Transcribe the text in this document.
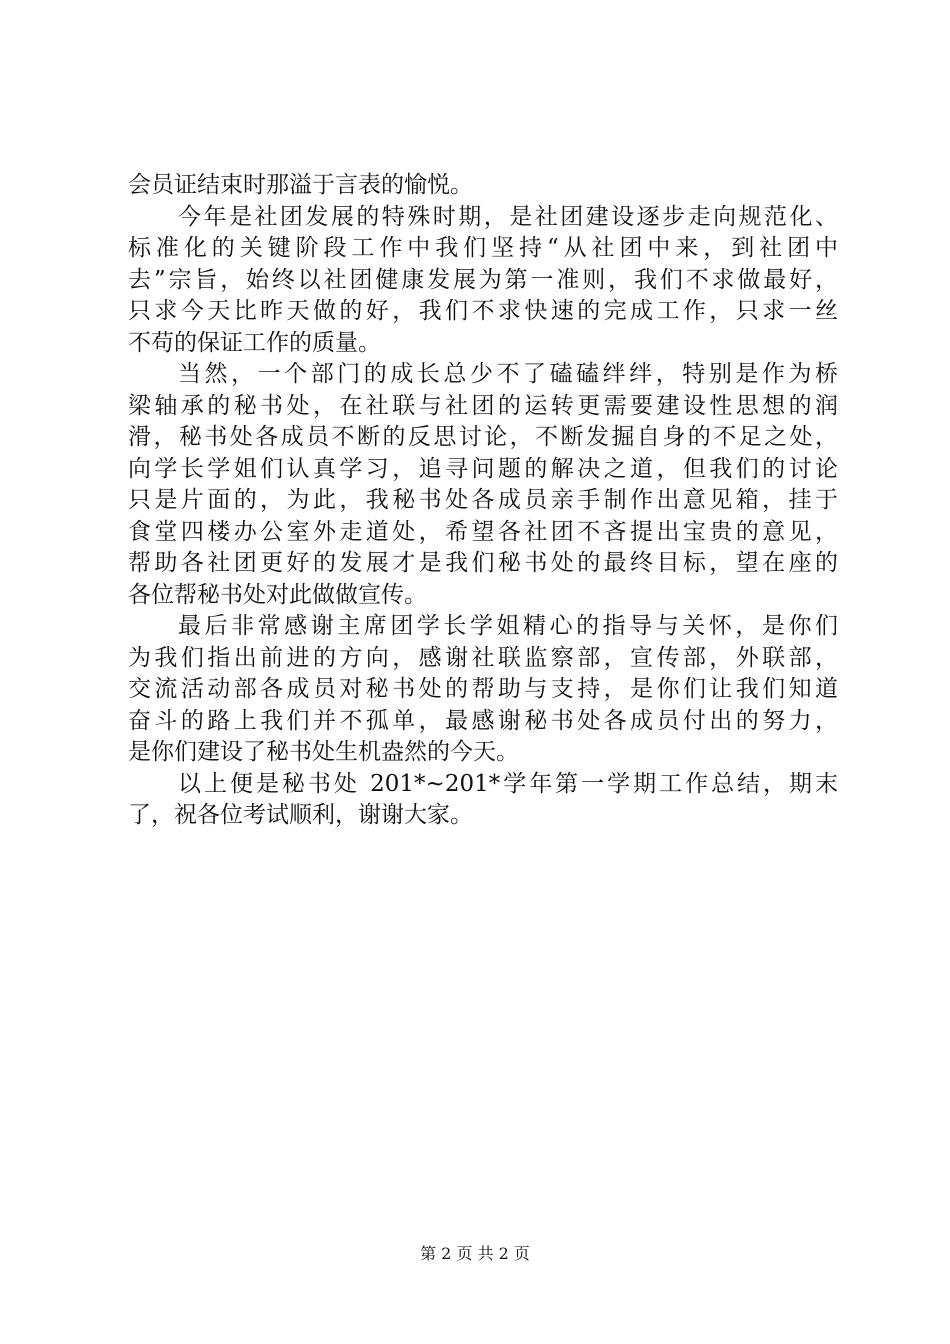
会员证结束时那溢于言表的愉悦。
今年是社团发展的特殊时期，是社团建设逐步走向规范化、
标准化的关键阶段工作中我们坚持“从社团中来，到社团中
去”宗旨，始终以社团健康发展为第一准则，我们不求做最好，
只求今天比昨天做的好，我们不求快速的完成工作，只求一丝
不苟的保证工作的质量。
当然，一个部门的成长总少不了磕磕绊绊，特别是作为桥
梁轴承的秘书处，在社联与社团的运转更需要建设性思想的润
滑，秘书处各成员不断的反思讨论，不断发掘自身的不足之处，
向学长学姐们认真学习，追寻问题的解决之道，但我们的讨论
只是片面的，为此，我秘书处各成员亲手制作出意见箱，挂于
食堂四楼办公室外走道处，希望各社团不吝提出宝贵的意见，
帮助各社团更好的发展才是我们秘书处的最终目标，望在座的
各位帮秘书处对此做做宣传。
最后非常感谢主席团学长学姐精心的指导与关怀，是你们
为我们指出前进的方向，感谢社联监察部，宣传部，外联部，
交流活动部各成员对秘书处的帮助与支持，是你们让我们知道
奋斗的路上我们并不孤单，最感谢秘书处各成员付出的努力，
是你们建设了秘书处生机盎然的今天。
以上便是秘书处 201*~201*学年第一学期工作总结，期末
了，祝各位考试顺利，谢谢大家。
第 2 页 共 2 页
